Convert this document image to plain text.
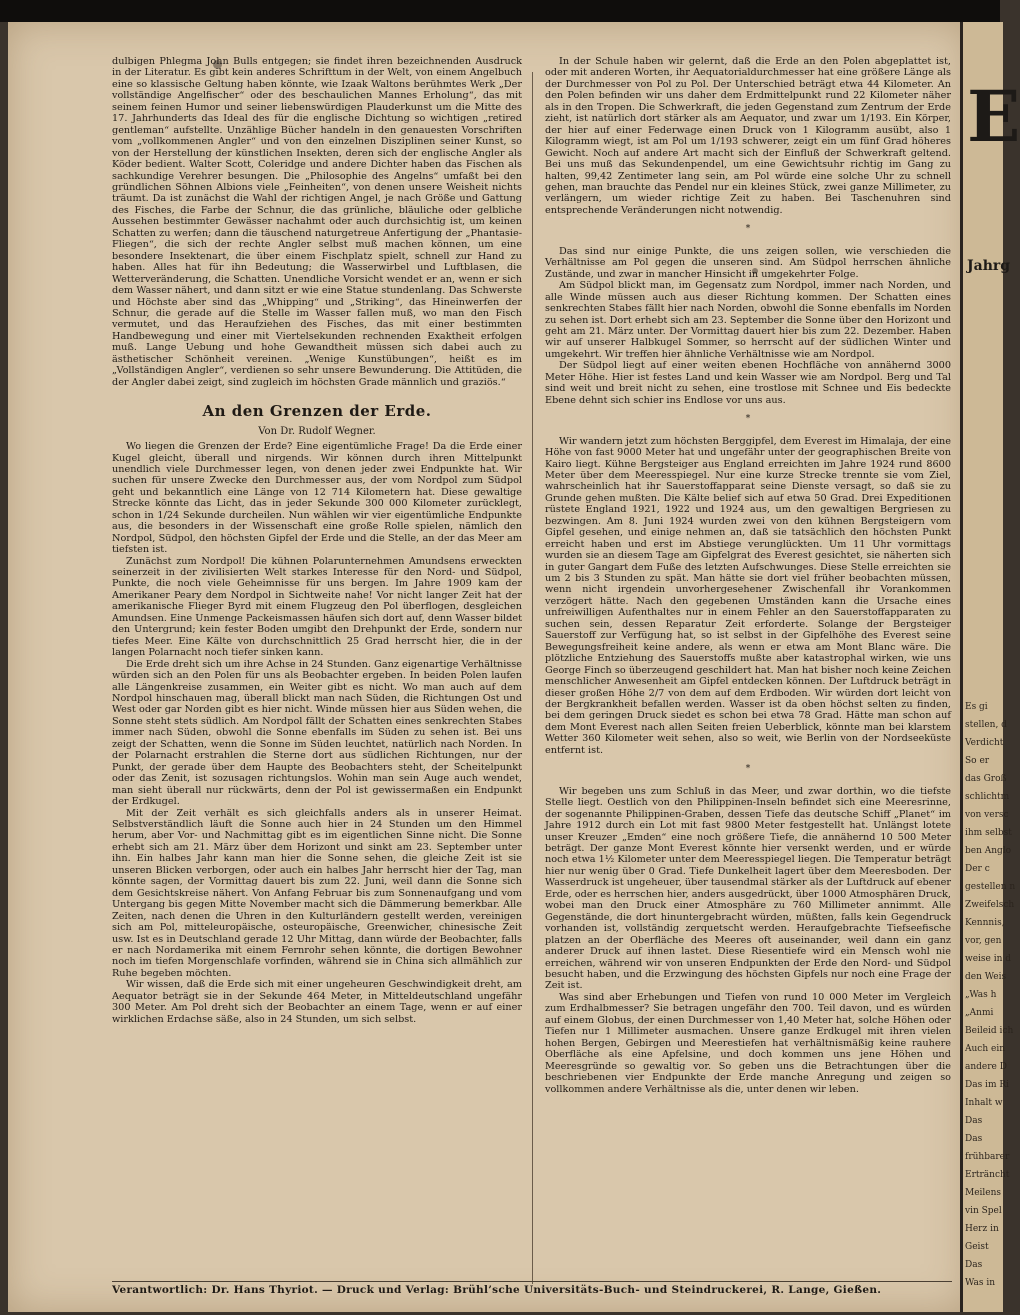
E
Jahrg
Es gi
stellen, d
Verdicht
So er
das Groß
schlichtm
von versc
ihm selbst
ben Anglo
Der c
gestellen n
Zweifelsch
Kennnis,
vor, gen
weise in d
den Weis
„Was h
„Anmi
Beileid ich
Auch ein
andere D
Das im Ri
Inhalt w
Das
Das
frühbarer
Erträncht
Meilens
vin Spel
Herz in
Geist
Das
Was in

dulbigen Phlegma John Bulls entgegen; sie findet ihren bezeichnenden Ausdruck in der Literatur. Es gibt kein anderes Schrifttum in der Welt, von einem Angelbuch eine so klassische Geltung haben könnte, wie Izaak Waltons berühmtes Werk „Der vollständige Angelfischer“ oder des beschaulichen Mannes Erholung“, das mit seinem feinen Humor und seiner liebenswürdigen Plauderkunst um die Mitte des 17. Jahrhunderts das Ideal des für die englische Dichtung so wichtigen „retired gentleman“ aufstellte. Unzählige Bücher handeln in den genauesten Vorschriften vom „vollkommenen Angler“ und von den einzelnen Disziplinen seiner Kunst, so von der Herstellung der künstlichen Insekten, deren sich der englische Angler als Köder bedient. Walter Scott, Coleridge und andere Dichter haben das Fischen als sachkundige Verehrer besungen. Die „Philosophie des Angelns“ umfaßt bei den gründlichen Söhnen Albions viele „Feinheiten“, von denen unsere Weisheit nichts träumt. Da ist zunächst die Wahl der richtigen Angel, je nach Größe und Gattung des Fisches, die Farbe der Schnur, die das grünliche, bläuliche oder gelbliche Aussehen bestimmter Gewässer nachahmt oder auch durchsichtig ist, um keinen Schatten zu werfen; dann die täuschend naturgetreue Anfertigung der „Phantasie-Fliegen“, die sich der rechte Angler selbst muß machen können, um eine besondere Insektenart, die über einem Fischplatz spielt, schnell zur Hand zu haben. Alles hat für ihn Bedeutung; die Wasserwirbel und Luftblasen, die Wetterveränderung, die Schatten. Unendliche Vorsicht wendet er an, wenn er sich dem Wasser nähert, und dann sitzt er wie eine Statue stundenlang. Das Schwerste und Höchste aber sind das „Whipping“ und „Striking“, das Hineinwerfen der Schnur, die gerade auf die Stelle im Wasser fallen muß, wo man den Fisch vermutet, und das Heraufziehen des Fisches, das mit einer bestimmten Handbewegung und einer mit Viertelsekunden rechnenden Exaktheit erfolgen muß. Lange Uebung und hohe Gewandtheit müssen sich dabei auch zu ästhetischer Schönheit vereinen. „Wenige Kunstübungen“, heißt es im „Vollständigen Angler“, verdienen so sehr unsere Bewunderung. Die Attitüden, die der Angler dabei zeigt, sind zugleich im höchsten Grade männlich und graziös.“

An den Grenzen der Erde.
Von Dr. Rudolf Wegner.

Wo liegen die Grenzen der Erde? Eine eigentümliche Frage! Da die Erde einer Kugel gleicht, überall und nirgends. Wir können durch ihren Mittelpunkt unendlich viele Durchmesser legen, von denen jeder zwei Endpunkte hat. Wir suchen für unsere Zwecke den Durchmesser aus, der vom Nordpol zum Südpol geht und bekanntlich eine Länge von 12 714 Kilometern hat. Diese gewaltige Strecke könnte das Licht, das in jeder Sekunde 300 000 Kilometer zurücklegt, schon in 1/24 Sekunde durcheilen. Nun wählen wir vier eigentümliche Endpunkte aus, die besonders in der Wissenschaft eine große Rolle spielen, nämlich den Nordpol, Südpol, den höchsten Gipfel der Erde und die Stelle, an der das Meer am tiefsten ist.

Zunächst zum Nordpol! Die kühnen Polarunternehmen Amundsens erweckten seinerzeit in der zivilisierten Welt starkes Interesse für den Nord- und Südpol, Punkte, die noch viele Geheimnisse für uns bergen. Im Jahre 1909 kam der Amerikaner Peary dem Nordpol in Sichtweite nahe! Vor nicht langer Zeit hat der amerikanische Flieger Byrd mit einem Flugzeug den Pol überflogen, desgleichen Amundsen. Eine Unmenge Packeismassen häufen sich dort auf, denn Wasser bildet den Untergrund; kein fester Boden umgibt den Drehpunkt der Erde, sondern nur tiefes Meer. Eine Kälte von durchschnittlich 25 Grad herrscht hier, die in der langen Polarnacht noch tiefer sinken kann.

Die Erde dreht sich um ihre Achse in 24 Stunden. Ganz eigenartige Verhältnisse würden sich an den Polen für uns als Beobachter ergeben. In beiden Polen laufen alle Längenkreise zusammen, ein Weiter gibt es nicht. Wo man auch auf dem Nordpol hinschauen mag, überall blickt man nach Süden, die Richtungen Ost und West oder gar Norden gibt es hier nicht. Winde müssen hier aus Süden wehen, die Sonne steht stets südlich. Am Nordpol fällt der Schatten eines senkrechten Stabes immer nach Süden, obwohl die Sonne ebenfalls im Süden zu sehen ist. Bei uns zeigt der Schatten, wenn die Sonne im Süden leuchtet, natürlich nach Norden. In der Polarnacht erstrahlen die Sterne dort aus südlichen Richtungen, nur der Punkt, der gerade über dem Haupte des Beobachters steht, der Scheitelpunkt oder das Zenit, ist sozusagen richtungslos. Wohin man sein Auge auch wendet, man sieht überall nur rückwärts, denn der Pol ist gewissermaßen ein Endpunkt der Erdkugel.

Mit der Zeit verhält es sich gleichfalls anders als in unserer Heimat. Selbstverständlich läuft die Sonne auch hier in 24 Stunden um den Himmel herum, aber Vor- und Nachmittag gibt es im eigentlichen Sinne nicht. Die Sonne erhebt sich am 21. März über dem Horizont und sinkt am 23. September unter ihn. Ein halbes Jahr kann man hier die Sonne sehen, die gleiche Zeit ist sie unseren Blicken verborgen, oder auch ein halbes Jahr herrscht hier der Tag, man könnte sagen, der Vormittag dauert bis zum 22. Juni, weil dann die Sonne sich dem Gesichtskreise nähert. Von Anfang Februar bis zum Sonnenaufgang und vom Untergang bis gegen Mitte November macht sich die Dämmerung bemerkbar. Alle Zeiten, nach denen die Uhren in den Kulturländern gestellt werden, vereinigen sich am Pol, mitteleuropäische, osteuropäische, Greenwicher, chinesische Zeit usw. Ist es in Deutschland gerade 12 Uhr Mittag, dann würde der Beobachter, falls er nach Nordamerika mit einem Fernrohr sehen könnte, die dortigen Bewohner noch im tiefen Morgenschlafe vorfinden, während sie in China sich allmählich zur Ruhe begeben möchten.

Wir wissen, daß die Erde sich mit einer ungeheuren Geschwindigkeit dreht, am Aequator beträgt sie in der Sekunde 464 Meter, in Mitteldeutschland ungefähr 300 Meter. Am Pol dreht sich der Beobachter an einem Tage, wenn er auf einer wirklichen Erdachse säße, also in 24 Stunden, um sich selbst.

In der Schule haben wir gelernt, daß die Erde an den Polen abgeplattet ist, oder mit anderen Worten, ihr Aequatorialdurchmesser hat eine größere Länge als der Durchmesser von Pol zu Pol. Der Unterschied beträgt etwa 44 Kilometer. An den Polen befinden wir uns daher dem Erdmittelpunkt rund 22 Kilometer näher als in den Tropen. Die Schwerkraft, die jeden Gegenstand zum Zentrum der Erde zieht, ist natürlich dort stärker als am Aequator, und zwar um 1/193. Ein Körper, der hier auf einer Federwage einen Druck von 1 Kilogramm ausübt, also 1 Kilogramm wiegt, ist am Pol um 1/193 schwerer, zeigt ein um fünf Grad höheres Gewicht. Noch auf andere Art macht sich der Einfluß der Schwerkraft geltend. Bei uns muß das Sekundenpendel, um eine Gewichtsuhr richtig im Gang zu halten, 99,42 Zentimeter lang sein, am Pol würde eine solche Uhr zu schnell gehen, man brauchte das Pendel nur ein kleines Stück, zwei ganze Millimeter, zu verlängern, um wieder richtige Zeit zu haben. Bei Taschenuhren sind entsprechende Veränderungen nicht notwendig.

*

Das sind nur einige Punkte, die uns zeigen sollen, wie verschieden die Verhältnisse am Pol gegen die unseren sind. Am Südpol herrschen ähnliche Zustände, und zwar in mancher Hinsicht in umgekehrter Folge.

Am Südpol blickt man, im Gegensatz zum Nordpol, immer nach Norden, und alle Winde müssen auch aus dieser Richtung kommen. Der Schatten eines senkrechten Stabes fällt hier nach Norden, obwohl die Sonne ebenfalls im Norden zu sehen ist. Dort erhebt sich am 23. September die Sonne über den Horizont und geht am 21. März unter. Der Vormittag dauert hier bis zum 22. Dezember. Haben wir auf unserer Halbkugel Sommer, so herrscht auf der südlichen Winter und umgekehrt. Wir treffen hier ähnliche Verhältnisse wie am Nordpol.

Der Südpol liegt auf einer weiten ebenen Hochfläche von annähernd 3000 Meter Höhe. Hier ist festes Land und kein Wasser wie am Nordpol. Berg und Tal sind weit und breit nicht zu sehen, eine trostlose mit Schnee und Eis bedeckte Ebene dehnt sich schier ins Endlose vor uns aus.

*

Wir wandern jetzt zum höchsten Berggipfel, dem Everest im Himalaja, der eine Höhe von fast 9000 Meter hat und ungefähr unter der geographischen Breite von Kairo liegt. Kühne Bergsteiger aus England erreichten im Jahre 1924 rund 8600 Meter über dem Meeresspiegel. Nur eine kurze Strecke trennte sie vom Ziel, wahrscheinlich hat ihr Sauerstoffapparat seine Dienste versagt, so daß sie zu Grunde gehen mußten. Die Kälte belief sich auf etwa 50 Grad. Drei Expeditionen rüstete England 1921, 1922 und 1924 aus, um den gewaltigen Bergriesen zu bezwingen. Am 8. Juni 1924 wurden zwei von den kühnen Bergsteigern vom Gipfel gesehen, und einige nehmen an, daß sie tatsächlich den höchsten Punkt erreicht haben und erst im Abstiege verunglückten. Um 11 Uhr vormittags wurden sie an diesem Tage am Gipfelgrat des Everest gesichtet, sie näherten sich in guter Gangart dem Fuße des letzten Aufschwunges. Diese Stelle erreichten sie um 2 bis 3 Stunden zu spät. Man hätte sie dort viel früher beobachten müssen, wenn nicht irgendein unvorhergesehener Zwischenfall ihr Vorankommen verzögert hätte. Nach den gegebenen Umständen kann die Ursache eines unfreiwilligen Aufenthaltes nur in einem Fehler an den Sauerstoffapparaten zu suchen sein, dessen Reparatur Zeit erforderte. Solange der Bergsteiger Sauerstoff zur Verfügung hat, so ist selbst in der Gipfelhöhe des Everest seine Bewegungsfreiheit keine andere, als wenn er etwa am Mont Blanc wäre. Die plötzliche Entziehung des Sauerstoffs mußte aber katastrophal wirken, wie uns George Finch so überzeugend geschildert hat. Man hat bisher noch keine Zeichen menschlicher Anwesenheit am Gipfel entdecken können. Der Luftdruck beträgt in dieser großen Höhe 2/7 von dem auf dem Erdboden. Wir würden dort leicht von der Bergkrankheit befallen werden. Wasser ist da oben höchst selten zu finden, bei dem geringen Druck siedet es schon bei etwa 78 Grad. Hätte man schon auf dem Mont Everest nach allen Seiten freien Ueberblick, könnte man bei klarstem Wetter 360 Kilometer weit sehen, also so weit, wie Berlin von der Nordseeküste entfernt ist.

*

Wir begeben uns zum Schluß in das Meer, und zwar dorthin, wo die tiefste Stelle liegt. Oestlich von den Philippinen-Inseln befindet sich eine Meeresrinne, der sogenannte Philippinen-Graben, dessen Tiefe das deutsche Schiff „Planet“ im Jahre 1912 durch ein Lot mit fast 9800 Meter festgestellt hat. Unlängst lotete unser Kreuzer „Emden“ eine noch größere Tiefe, die annähernd 10 500 Meter beträgt. Der ganze Mont Everest könnte hier versenkt werden, und er würde noch etwa 1½ Kilometer unter dem Meeresspiegel liegen. Die Temperatur beträgt hier nur wenig über 0 Grad. Tiefe Dunkelheit lagert über dem Meeresboden. Der Wasserdruck ist ungeheuer, über tausendmal stärker als der Luftdruck auf ebener Erde, oder es herrschen hier, anders ausgedrückt, über 1000 Atmosphären Druck, wobei man den Druck einer Atmosphäre zu 760 Millimeter annimmt. Alle Gegenstände, die dort hinuntergebracht würden, müßten, falls kein Gegendruck vorhanden ist, vollständig zerquetscht werden. Heraufgebrachte Tiefseefische platzen an der Oberfläche des Meeres oft auseinander, weil dann ein ganz anderer Druck auf ihnen lastet. Diese Riesentiefe wird ein Mensch wohl nie erreichen, während wir von unseren Endpunkten der Erde den Nord- und Südpol besucht haben, und die Erzwingung des höchsten Gipfels nur noch eine Frage der Zeit ist.

Was sind aber Erhebungen und Tiefen von rund 10 000 Meter im Vergleich zum Erdhalbmesser? Sie betragen ungefähr den 700. Teil davon, und es würden auf einem Globus, der einen Durchmesser von 1,40 Meter hat, solche Höhen oder Tiefen nur 1 Millimeter ausmachen. Unsere ganze Erdkugel mit ihren vielen hohen Bergen, Gebirgen und Meerestiefen hat verhältnismäßig keine rauhere Oberfläche als eine Apfelsine, und doch kommen uns jene Höhen und Meeresgründe so gewaltig vor. So geben uns die Betrachtungen über die beschriebenen vier Endpunkte der Erde manche Anregung und zeigen so vollkommen andere Verhältnisse als die, unter denen wir leben.

Verantwortlich: Dr. Hans Thyriot. — Druck und Verlag: Brühl’sche Universitäts-Buch- und Steindruckerei, R. Lange, Gießen.
